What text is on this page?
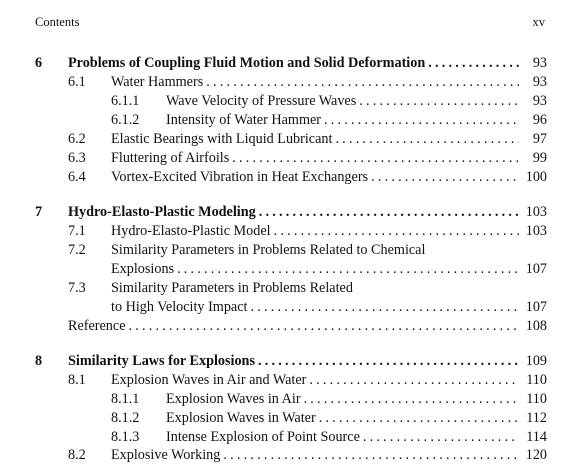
Contents	xv
6 Problems of Coupling Fluid Motion and Solid Deformation .....	93
6.1 Water Hammers .....	93
6.1.1 Wave Velocity of Pressure Waves .....	93
6.1.2 Intensity of Water Hammer .....	96
6.2 Elastic Bearings with Liquid Lubricant .....	97
6.3 Fluttering of Airfoils .....	99
6.4 Vortex-Excited Vibration in Heat Exchangers .....	100
7 Hydro-Elasto-Plastic Modeling .....	103
7.1 Hydro-Elasto-Plastic Model .....	103
7.2 Similarity Parameters in Problems Related to Chemical
Explosions .....	107
7.3 Similarity Parameters in Problems Related
to High Velocity Impact .....	107
Reference .....	108
8 Similarity Laws for Explosions .....	109
8.1 Explosion Waves in Air and Water .....	110
8.1.1 Explosion Waves in Air .....	110
8.1.2 Explosion Waves in Water .....	112
8.1.3 Intense Explosion of Point Source .....	114
8.2 Explosive Working .....	120
